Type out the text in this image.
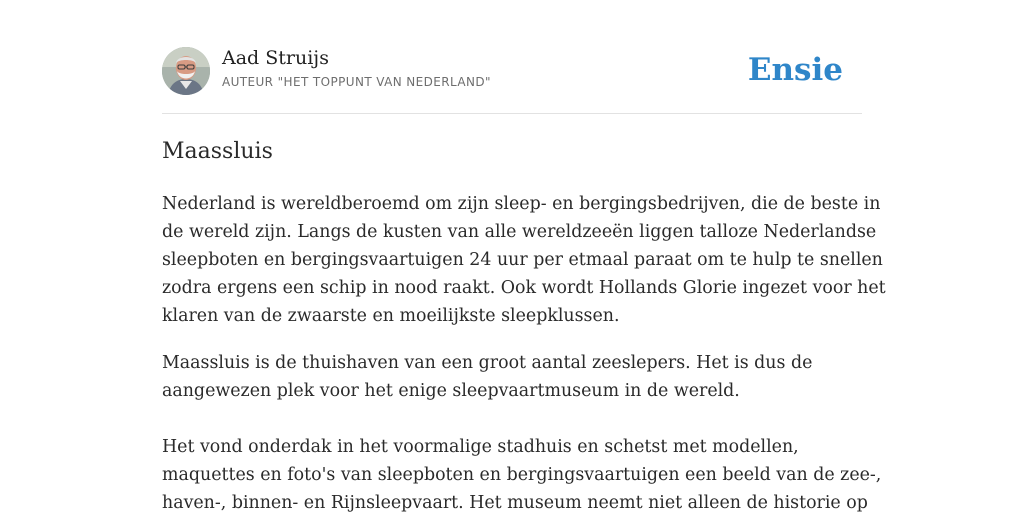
Aad Struijs
AUTEUR "HET TOPPUNT VAN NEDERLAND"	Ensie
Maassluis

Nederland is wereldberoemd om zijn sleep- en bergingsbedrijven, die de beste in
de wereld zijn. Langs de kusten van alle wereldzeeën liggen talloze Nederlandse
sleepboten en bergingsvaartuigen 24 uur per etmaal paraat om te hulp te snellen
zodra ergens een schip in nood raakt. Ook wordt Hollands Glorie ingezet voor het
klaren van de zwaarste en moeilijkste sleepklussen.

Maassluis is de thuishaven van een groot aantal zeeslepers. Het is dus de
aangewezen plek voor het enige sleepvaartmuseum in de wereld.

Het vond onderdak in het voormalige stadhuis en schetst met modellen,
maquettes en foto's van sleepboten en bergingsvaartuigen een beeld van de zee-,
haven-, binnen- en Rijnsleepvaart. Het museum neemt niet alleen de historie op
